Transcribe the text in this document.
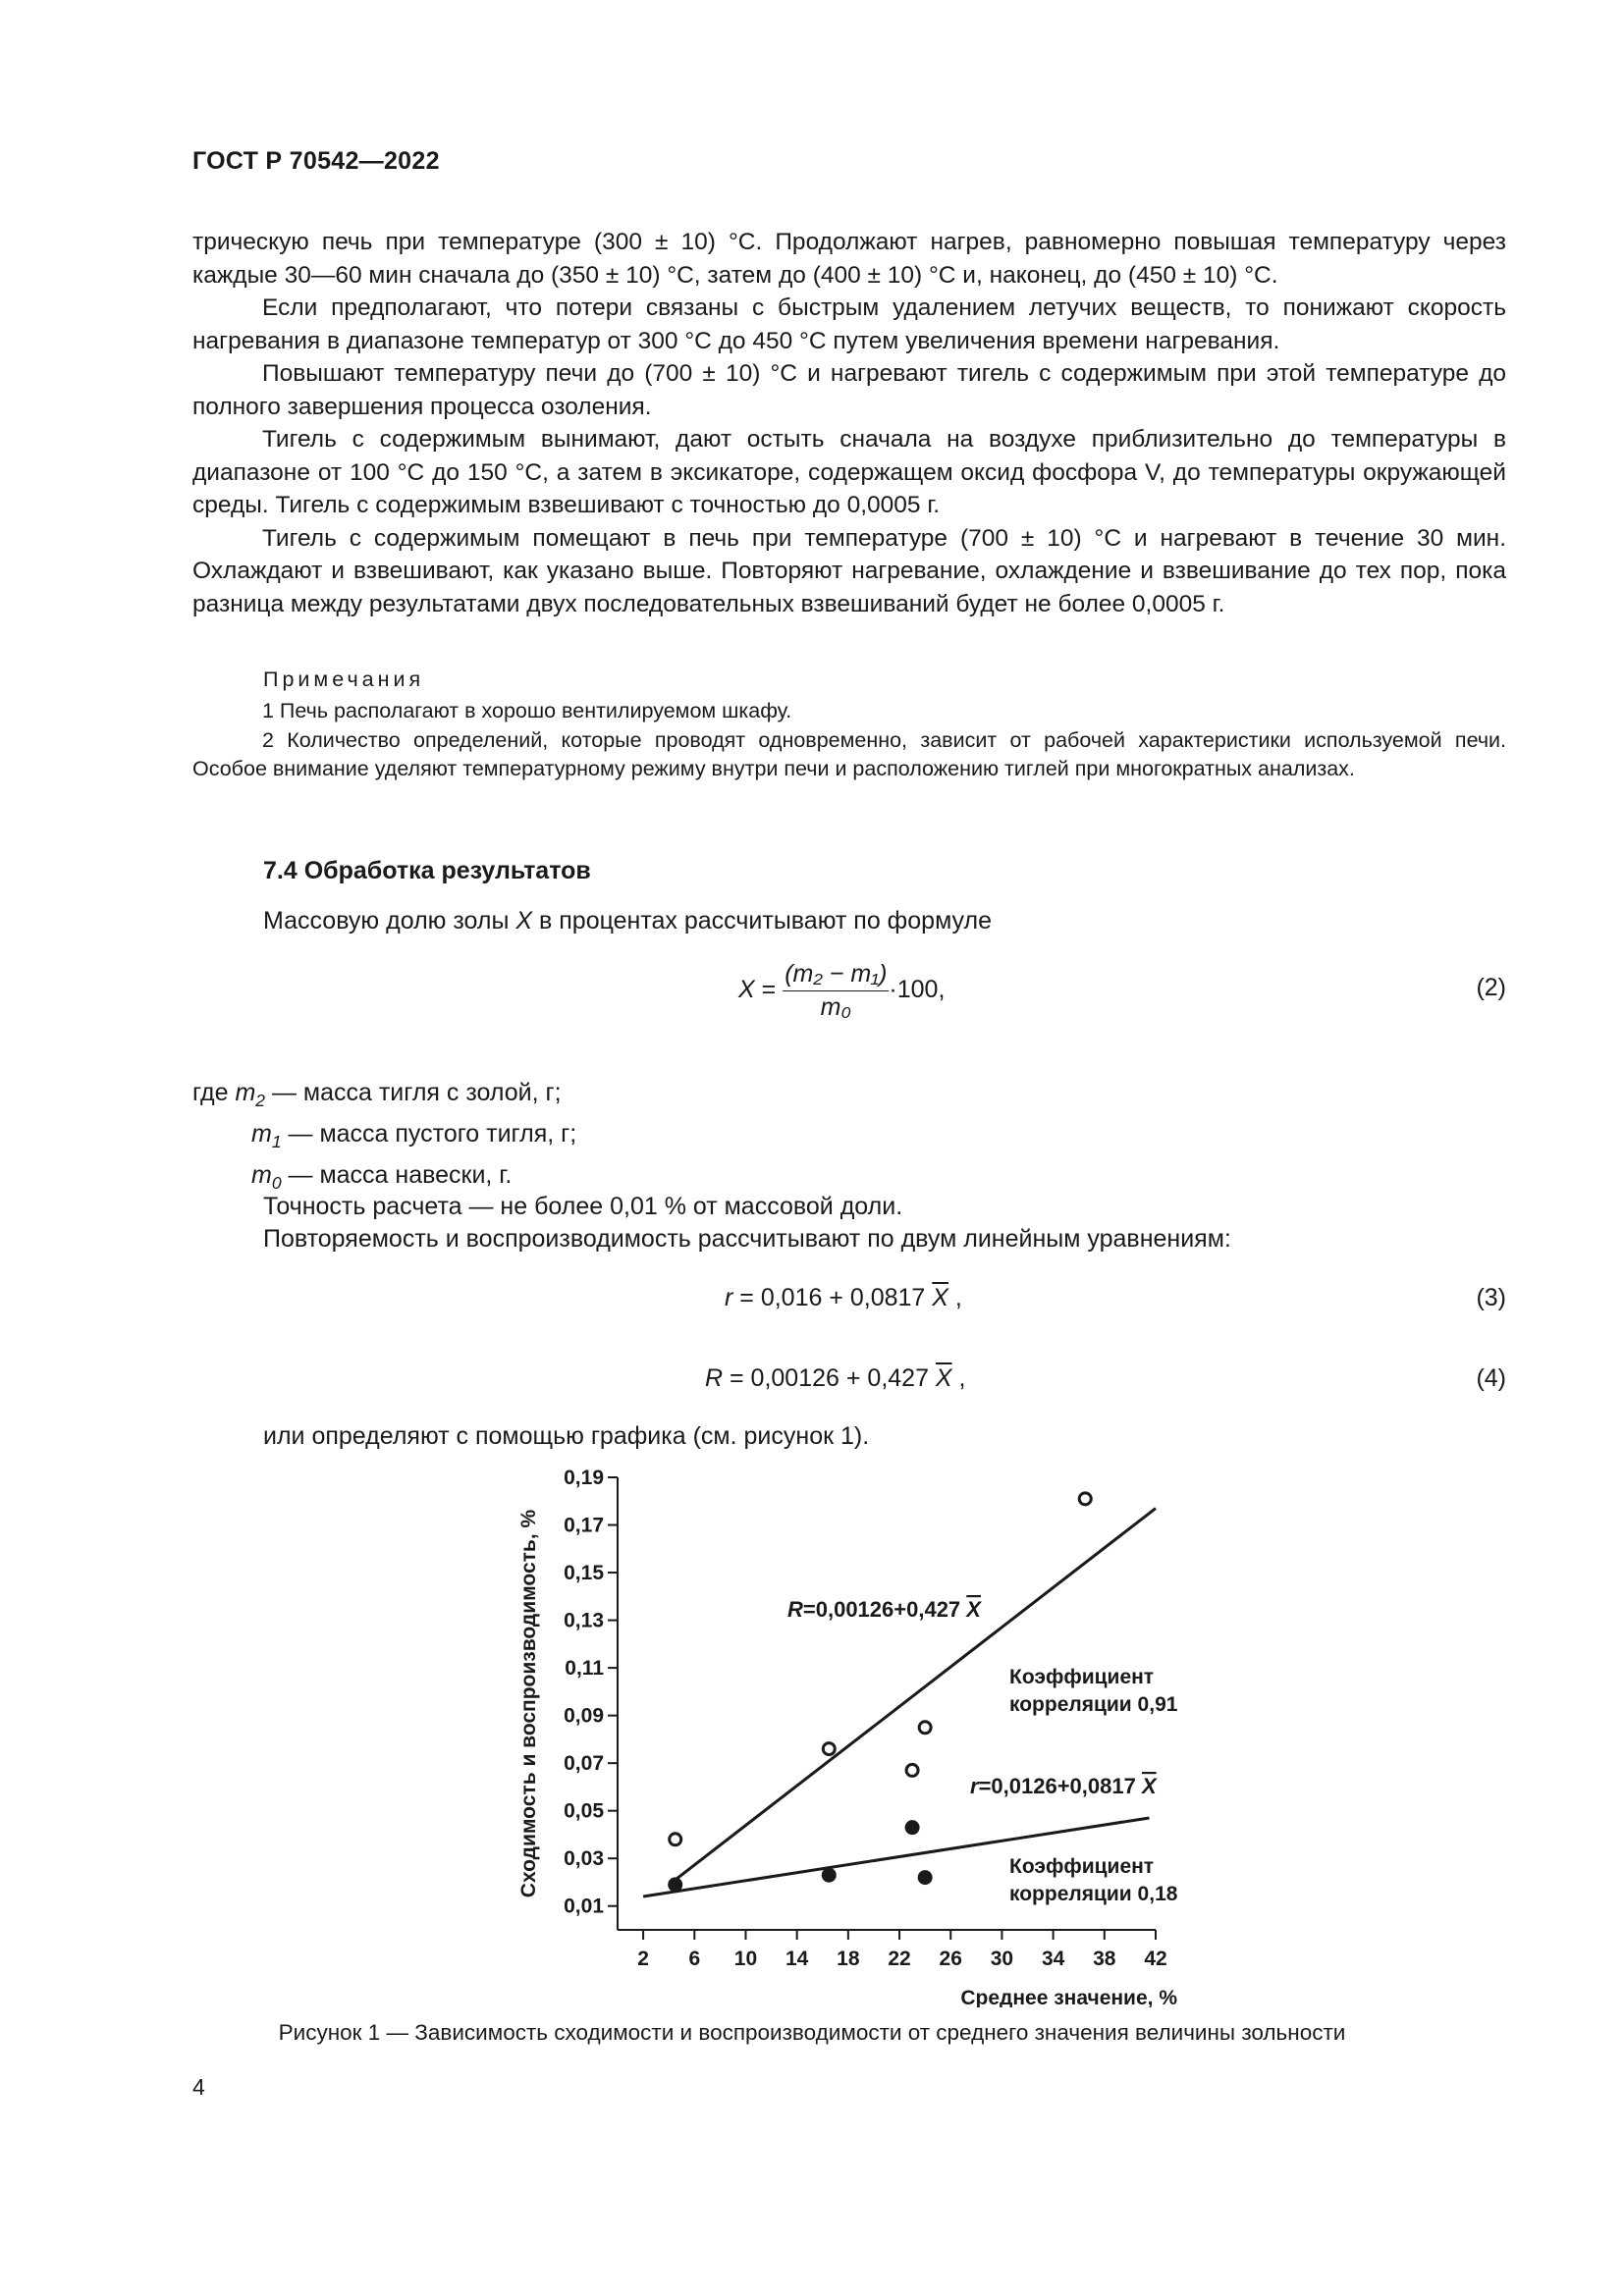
ГОСТ Р 70542—2022

трическую печь при температуре (300 ± 10) °С. Продолжают нагрев, равномерно повышая температуру через каждые 30—60 мин сначала до (350 ± 10) °С, затем до (400 ± 10) °С и, наконец, до (450 ± 10) °С.

Если предполагают, что потери связаны с быстрым удалением летучих веществ, то понижают скорость нагревания в диапазоне температур от 300 °С до 450 °С путем увеличения времени нагревания.

Повышают температуру печи до (700 ± 10) °С и нагревают тигель с содержимым при этой температуре до полного завершения процесса озоления.

Тигель с содержимым вынимают, дают остыть сначала на воздухе приблизительно до температуры в диапазоне от 100 °С до 150 °С, а затем в эксикаторе, содержащем оксид фосфора V, до температуры окружающей среды. Тигель с содержимым взвешивают с точностью до 0,0005 г.

Тигель с содержимым помещают в печь при температуре (700 ± 10) °С и нагревают в течение 30 мин. Охлаждают и взвешивают, как указано выше. Повторяют нагревание, охлаждение и взвешивание до тех пор, пока разница между результатами двух последовательных взвешиваний будет не более 0,0005 г.

Примечания

1 Печь располагают в хорошо вентилируемом шкафу.

2 Количество определений, которые проводят одновременно, зависит от рабочей характеристики используемой печи. Особое внимание уделяют температурному режиму внутри печи и расположению тиглей при многократных анализах.

7.4 Обработка результатов
Массовую долю золы X в процентах рассчитывают по формуле
$X = \frac{\text{(m₂ − m₁)}}{\text{m₀}} \cdot 100$,	(2)
где $m_2$ — масса тигля с золой, г;
$m_1$ — масса пустого тигля, г;
$m_0$ — масса навески, г.
Точность расчета — не более 0,01 % от массовой доли.
Повторяемость и воспроизводимость рассчитывают по двум линейным уравнениям:
r = 0,016 + 0,0817 $\overline{X}$ ,	(3)
R = 0,00126 + 0,427 $\overline{X}$ ,	(4)
или определяют с помощью графика (см. рисунок 1).
0,01
0,03
0,05
0,07
0,09
0,11
0,13
0,15
0,17
0,19
2 6 10 14 18 22 26 30 34 38 42
Сходимость и воспроизводимость, %
Среднее значение, %
R=0,00126+0,427 X
Коэффициент
корреляции 0,91
r=0,0126+0,0817 X
Коэффициент
корреляции 0,18
Рисунок 1 — Зависимость сходимости и воспроизводимости от среднего значения величины зольности
4
